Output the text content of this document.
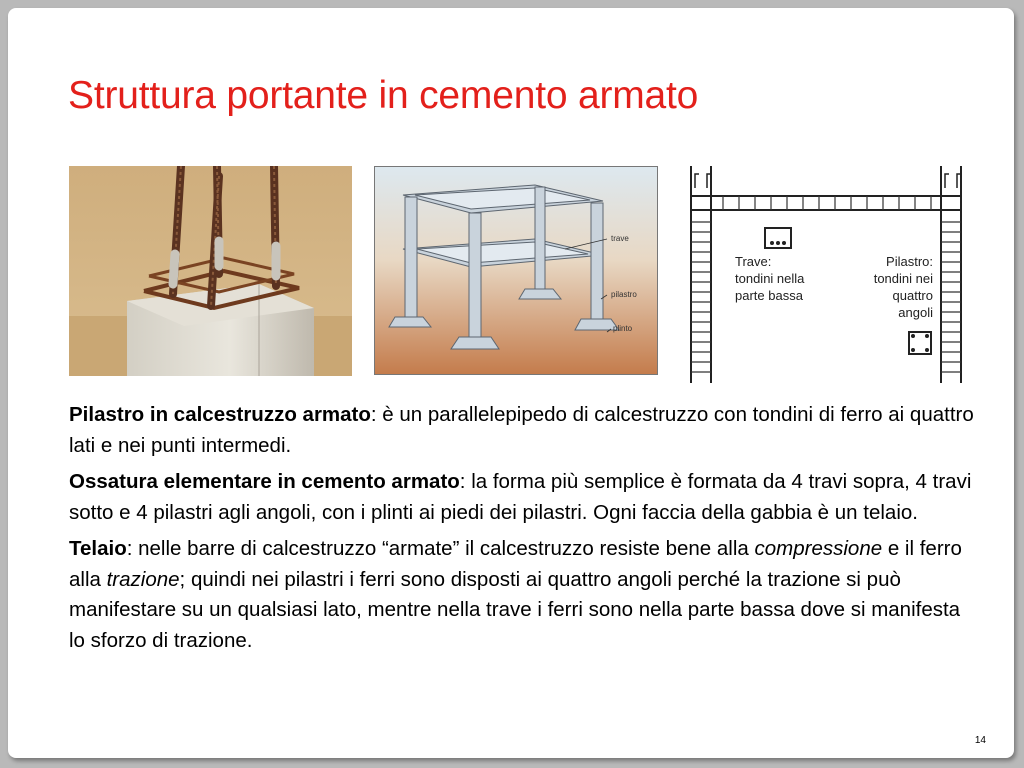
Struttura portante in cemento armato
trave
pilastro
plinto
Trave:
tondini nella
parte bassa
Pilastro:
tondini nei
quattro
angoli

Pilastro in calcestruzzo armato: è un parallelepipedo di calcestruzzo con tondini di ferro ai quattro lati e nei punti intermedi.

Ossatura elementare in cemento armato: la forma più semplice è formata da 4 travi sopra, 4 travi sotto e 4 pilastri agli angoli, con i plinti ai piedi dei pilastri. Ogni faccia della gabbia è un telaio.

Telaio: nelle barre di calcestruzzo “armate” il calcestruzzo resiste bene alla compressione e il ferro alla trazione; quindi nei pilastri i ferri sono disposti ai quattro angoli perché la trazione si può manifestare su un qualsiasi lato, mentre nella trave i ferri sono nella parte bassa dove si manifesta lo sforzo di trazione.

14
